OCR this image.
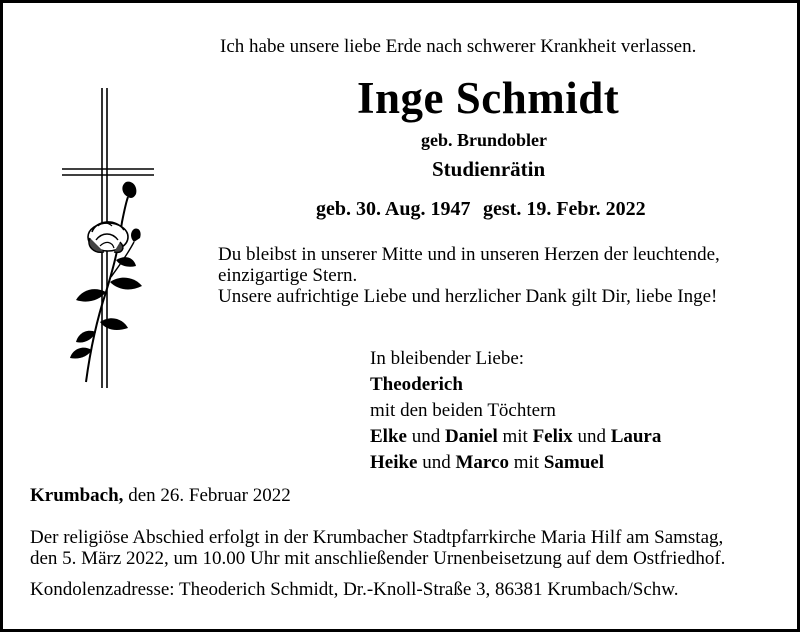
Ich habe unsere liebe Erde nach schwerer Krankheit verlassen.
Inge Schmidt
geb. Brundobler
Studienrätin
geb. 30. Aug. 1947 gest. 19. Febr. 2022
Du bleibst in unserer Mitte und in unseren Herzen der leuchtende,
einzigartige Stern.
Unsere aufrichtige Liebe und herzlicher Dank gilt Dir, liebe Inge!
In bleibender Liebe:
Theoderich
mit den beiden Töchtern
Elke und Daniel mit Felix und Laura
Heike und Marco mit Samuel
Krumbach, den 26. Februar 2022
Der religiöse Abschied erfolgt in der Krumbacher Stadtpfarrkirche Maria Hilf am Samstag,
den 5. März 2022, um 10.00 Uhr mit anschließender Urnenbeisetzung auf dem Ostfriedhof.
Kondolenzadresse: Theoderich Schmidt, Dr.-Knoll-Straße 3, 86381 Krumbach/Schw.
